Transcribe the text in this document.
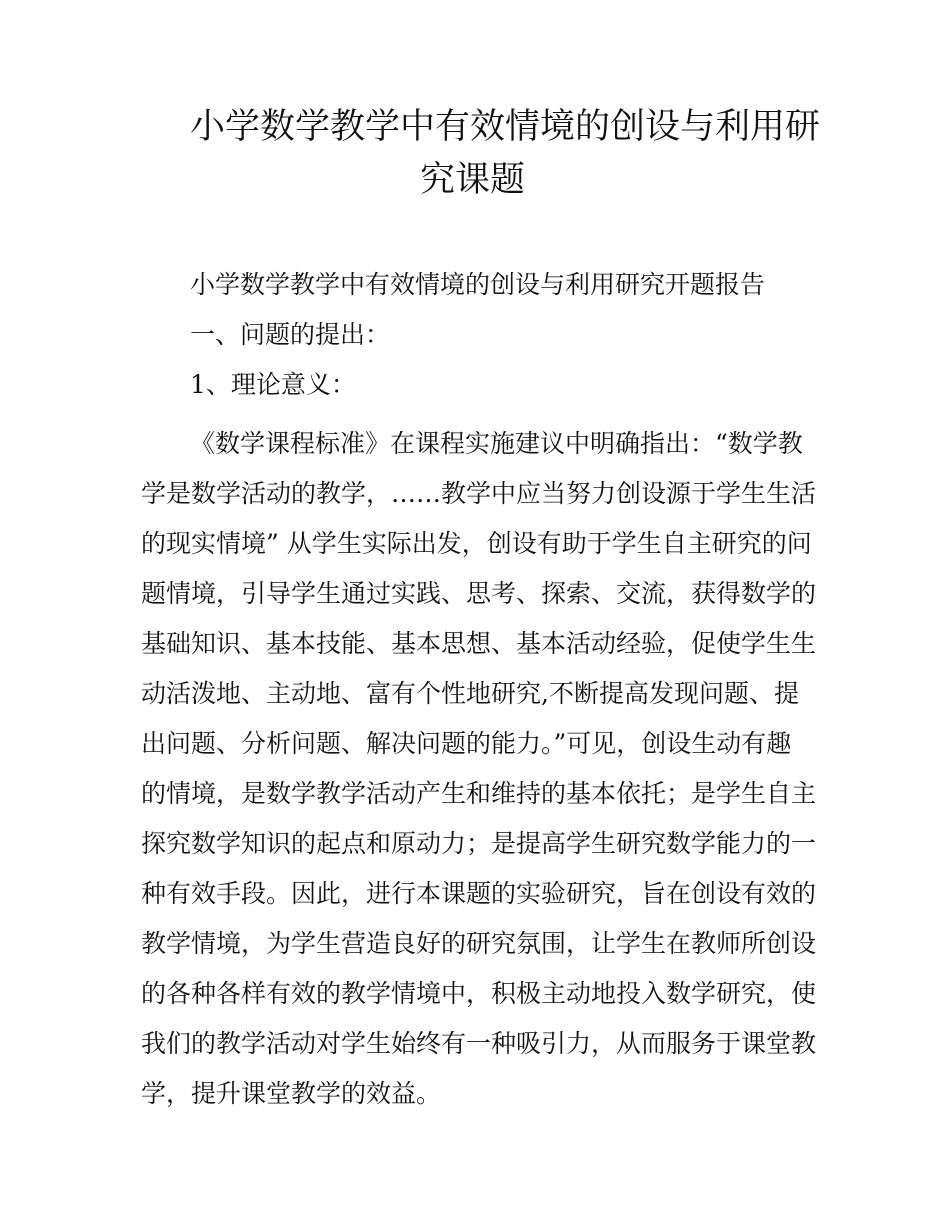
小学数学教学中有效情境的创设与利用研
究课题

小学数学教学中有效情境的创设与利用研究开题报告

一、问题的提出：

1、理论意义：

《数学课程标准》在课程实施建议中明确指出：“数学教
学是数学活动的教学，……教学中应当努力创设源于学生生活
的现实情境” 从学生实际出发，创设有助于学生自主研究的问
题情境，引导学生通过实践、思考、探索、交流，获得数学的
基础知识、基本技能、基本思想、基本活动经验，促使学生生
动活泼地、主动地、富有个性地研究,不断提高发现问题、提
出问题、分析问题、解决问题的能力。”可见，创设生动有趣
的情境，是数学教学活动产生和维持的基本依托；是学生自主
探究数学知识的起点和原动力；是提高学生研究数学能力的一
种有效手段。因此，进行本课题的实验研究，旨在创设有效的
教学情境，为学生营造良好的研究氛围，让学生在教师所创设
的各种各样有效的教学情境中，积极主动地投入数学研究，使
我们的教学活动对学生始终有一种吸引力，从而服务于课堂教
学，提升课堂教学的效益。
